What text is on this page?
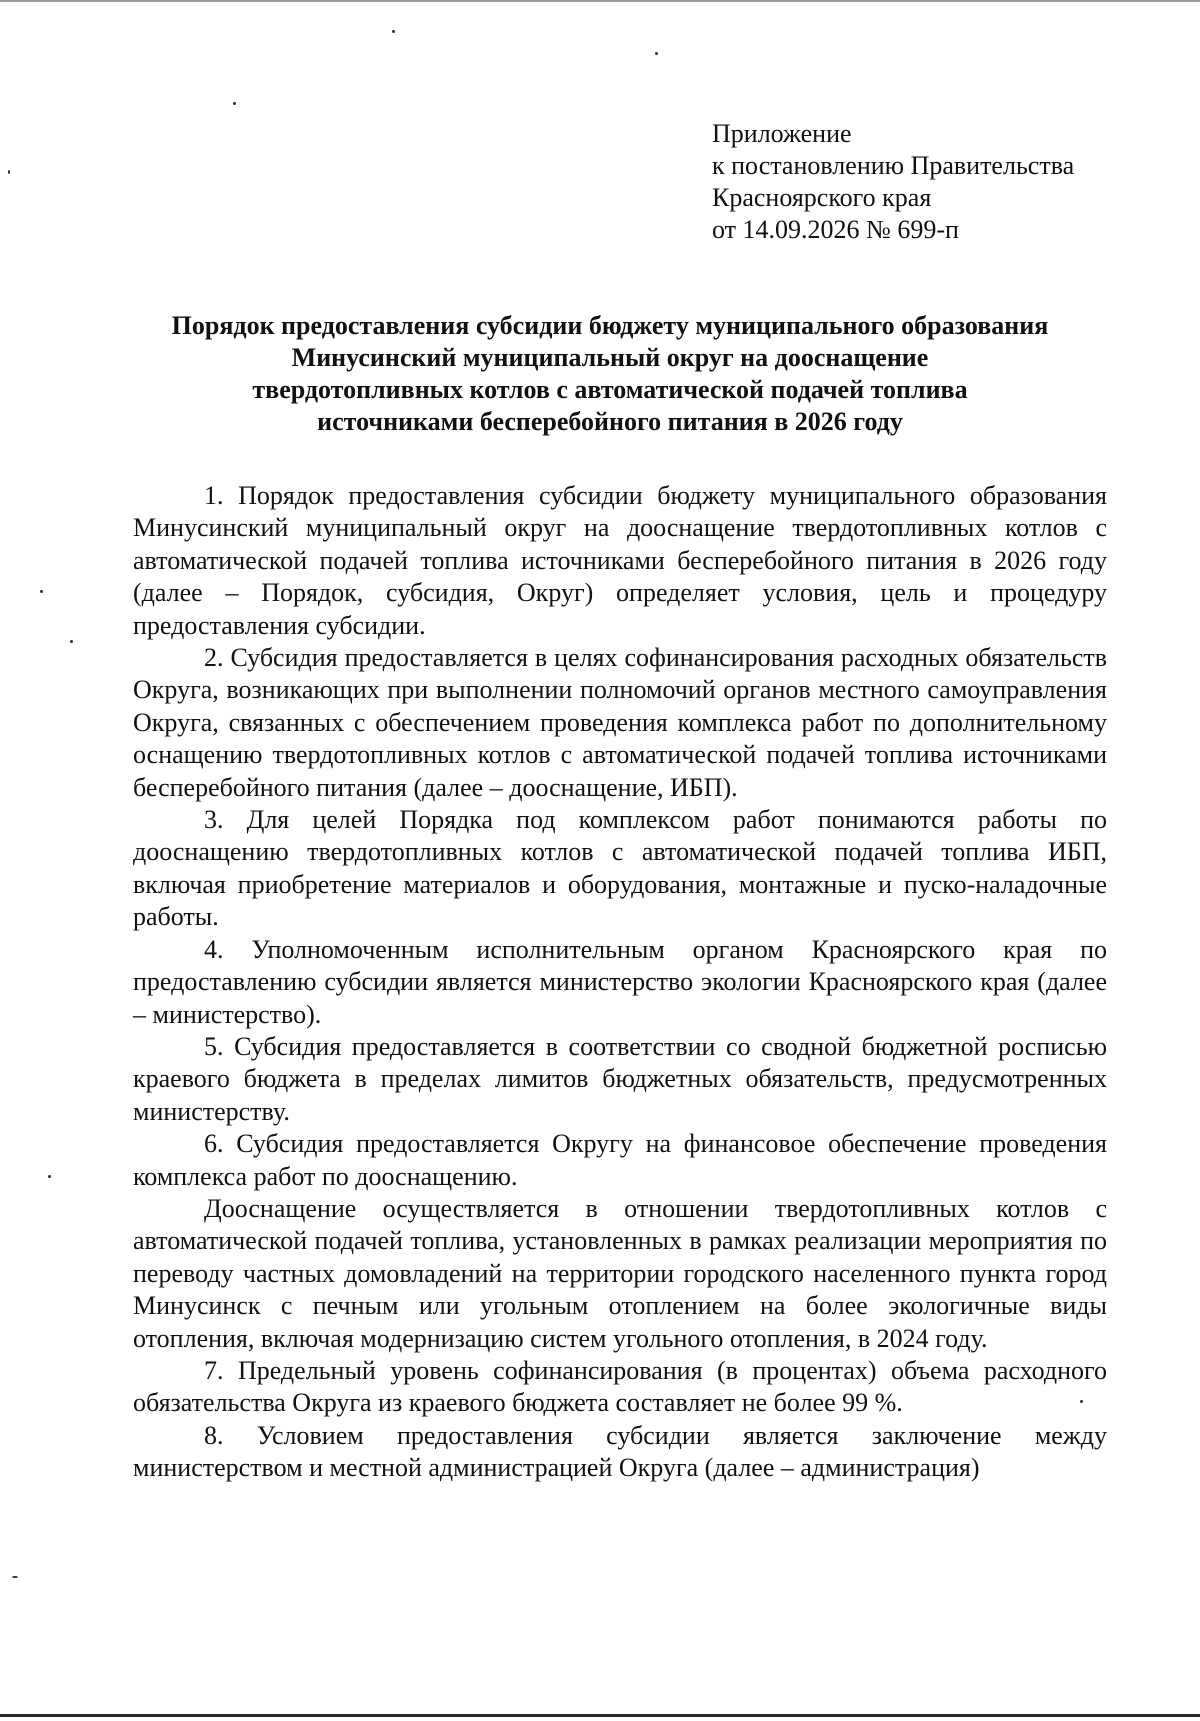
Приложение
к постановлению Правительства
Красноярского края
от 14.09.2026 № 699-п
Порядок предоставления субсидии бюджету муниципального образования
Минусинский муниципальный округ на дооснащение
твердотопливных котлов с автоматической подачей топлива
источниками бесперебойного питания в 2026 году

1. Порядок предоставления субсидии бюджету муниципального образования Минусинский муниципальный округ на дооснащение твердотопливных котлов с автоматической подачей топлива источниками бесперебойного питания в 2026 году (далее – Порядок, субсидия, Округ) определяет условия, цель и процедуру предоставления субсидии.

2. Субсидия предоставляется в целях софинансирования расходных обязательств Округа, возникающих при выполнении полномочий органов местного самоуправления Округа, связанных с обеспечением проведения комплекса работ по дополнительному оснащению твердотопливных котлов с автоматической подачей топлива источниками бесперебойного питания (далее – дооснащение, ИБП).

3. Для целей Порядка под комплексом работ понимаются работы по дооснащению твердотопливных котлов с автоматической подачей топлива ИБП, включая приобретение материалов и оборудования, монтажные и пуско-наладочные работы.

4. Уполномоченным исполнительным органом Красноярского края по предоставлению субсидии является министерство экологии Красноярского края (далее – министерство).

5. Субсидия предоставляется в соответствии со сводной бюджетной росписью краевого бюджета в пределах лимитов бюджетных обязательств, предусмотренных министерству.

6. Субсидия предоставляется Округу на финансовое обеспечение проведения комплекса работ по дооснащению.

Дооснащение осуществляется в отношении твердотопливных котлов с автоматической подачей топлива, установленных в рамках реализации мероприятия по переводу частных домовладений на территории городского населенного пункта город Минусинск с печным или угольным отоплением на более экологичные виды отопления, включая модернизацию систем угольного отопления, в 2024 году.

7. Предельный уровень софинансирования (в процентах) объема расходного обязательства Округа из краевого бюджета составляет не более 99 %.

8. Условием предоставления субсидии является заключение между министерством и местной администрацией Округа (далее – администрация)
